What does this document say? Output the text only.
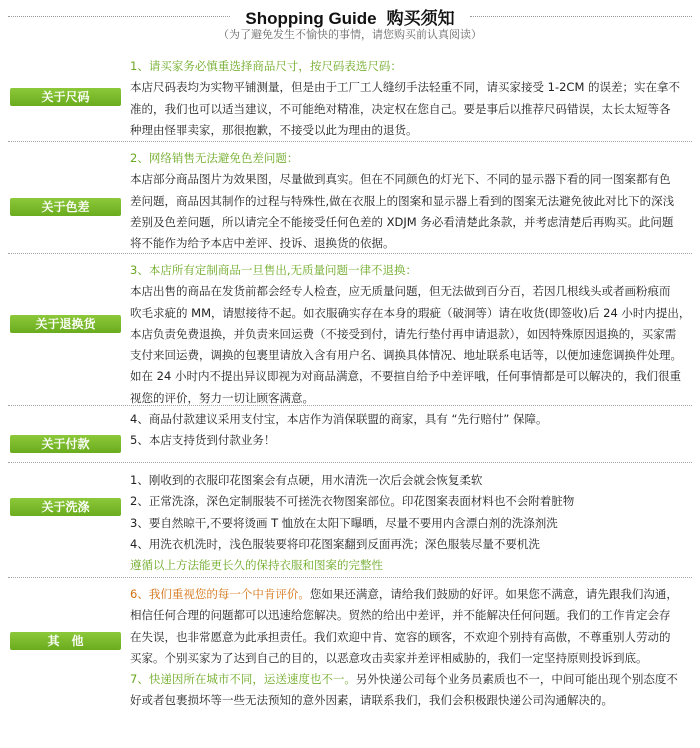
Shopping Guide 购买须知
（为了避免发生不愉快的事情，请您购买前认真阅读）
关于尺码
1、请买家务必慎重选择商品尺寸，按尺码表选尺码：
本店尺码表均为实物平铺测量，但是由于工厂工人缝纫手法轻重不同，请买家接受 1-2CM 的误差；实在拿不
准的，我们也可以适当建议，不可能绝对精准，决定权在您自己。要是事后以推荐尺码错误，太长太短等各
种理由怪罪卖家，那很抱歉，不接受以此为理由的退货。
关于色差
2、网络销售无法避免色差问题：
本店部分商品图片为效果图，尽量做到真实。但在不同颜色的灯光下、不同的显示器下看的同一图案都有色
差问题，商品因其制作的过程与特殊性,做在衣服上的图案和显示器上看到的图案无法避免彼此对比下的深浅
差别及色差问题，所以请完全不能接受任何色差的 XDJM 务必看清楚此条款，并考虑清楚后再购买。此问题
将不能作为给予本店中差评、投诉、退换货的依据。
关于退换货
3、本店所有定制商品一旦售出,无质量问题一律不退换：
本店出售的商品在发货前都会经专人检查，应无质量问题，但无法做到百分百，若因几根线头或者画粉痕而
吹毛求疵的 MM，请慰接待不起。如衣服确实存在本身的瑕疵（破洞等）请在收货(即签收)后 24 小时内提出，
本店负责免费退换，并负责来回运费（不接受到付，请先行垫付再申请退款），如因特殊原因退换的，买家需
支付来回运费，调换的包裹里请放入含有用户名、调换具体情况、地址联系电话等，以便加速您调换件处理。
如在 24 小时内不提出异议即视为对商品满意，不要揎自给予中差评哦，任何事情都是可以解决的，我们很重
视您的评价，努力一切让顾客满意。
关于付款
4、商品付款建议采用支付宝，本店作为消保联盟的商家，具有 “先行赔付” 保障。
5、本店支持货到付款业务！
关于洗涤
1、刚收到的衣服印花图案会有点硬，用水清洗一次后会就会恢复柔软
2、正常洗涤，深色定制服装不可搓洗衣物图案部位。印花图案表面材料也不会附着脏物
3、要自然晾干,不要将烫画 T 恤放在太阳下曝晒，尽量不要用内含漂白剂的洗涤剂洗
4、用洗衣机洗时，浅色服装要将印花图案翻到反面再洗；深色服装尽量不要机洗
遵循以上方法能更长久的保持衣服和图案的完整性
其　他
6、我们重视您的每一个中肯评价。您如果还满意，请给我们鼓励的好评。如果您不满意，请先跟我们沟通，
相信任何合理的问题都可以迅速给您解决。贸然的给出中差评，并不能解决任何问题。我们的工作肯定会存
在失误，也非常愿意为此承担责任。我们欢迎中肯、宽容的顾客，不欢迎个别持有高傲，不尊重别人劳动的
买家。个别买家为了达到自己的目的，以恶意攻击卖家并差评相威胁的，我们一定坚持原则投诉到底。
7、快递因所在城市不同，运送速度也不一。另外快递公司每个业务员素质也不一，中间可能出现个别态度不
好或者包裹损坏等一些无法预知的意外因素，请联系我们，我们会积极跟快递公司沟通解决的。
